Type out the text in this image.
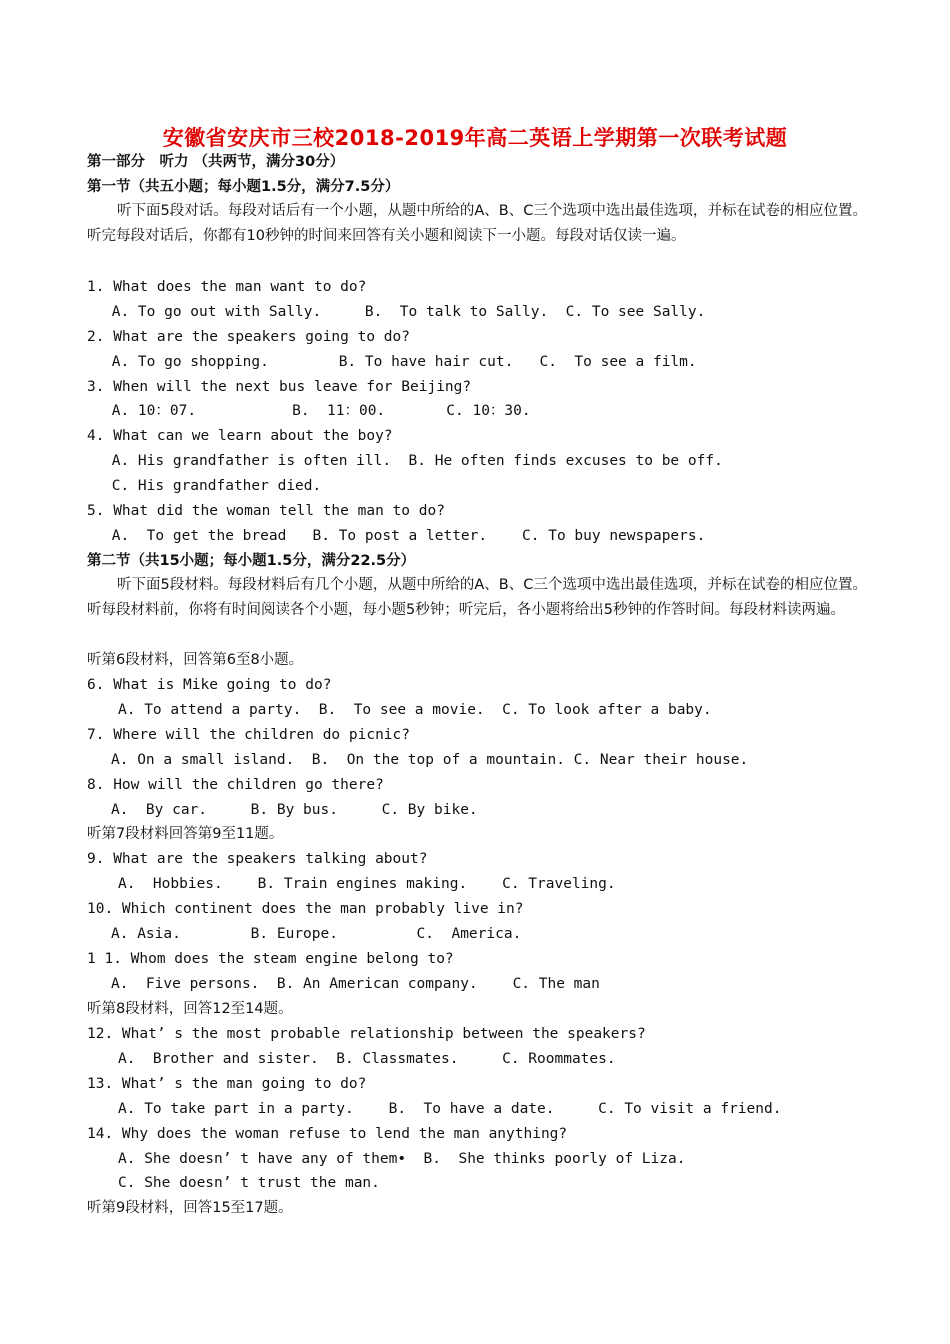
安徽省安庆市三校2018-2019年高二英语上学期第一次联考试题
第一部分　听力 （共两节，满分30分）
第一节（共五小题；每小题1.5分，满分7.5分）
听下面5段对话。每段对话后有一个小题，从题中所给的A、B、C三个选项中选出最佳选项，并标在试卷的相应位置。听完每段对话后，你都有10秒钟的时间来回答有关小题和阅读下一小题。每段对话仅读一遍。
1. What does the man want to do?
A. To go out with Sally.     B.  To talk to Sally.  C. To see Sally.
2. What are the speakers going to do?
A. To go shopping.        B. To have hair cut.   C.  To see a film.
3. When will the next bus leave for Beijing?
A. 10：07.           B.  11：00.       C. 10：30.
4. What can we learn about the boy?
A. His grandfather is often ill.  B. He often finds excuses to be off.
C. His grandfather died.
5. What did the woman tell the man to do?
A.  To get the bread   B. To post a letter.    C. To buy newspapers.
第二节（共15小题；每小题1.5分，满分22.5分）
听下面5段材料。每段材料后有几个小题，从题中所给的A、B、C三个选项中选出最佳选项，并标在试卷的相应位置。听每段材料前，你将有时间阅读各个小题，每小题5秒钟；听完后，各小题将给出5秒钟的作答时间。每段材料读两遍。
听第6段材料，回答第6至8小题。
6. What is Mike going to do?
A. To attend a party.  B.  To see a movie.  C. To look after a baby.
7. Where will the children do picnic?
A. On a small island.  B.  On the top of a mountain. C. Near their house.
8. How will the children go there?
A.  By car.     B. By bus.     C. By bike.
听第7段材料回答第9至11题。
9. What are the speakers talking about?
A.  Hobbies.    B. Train engines making.    C. Traveling.
10. Which continent does the man probably live in?
A. Asia.        B. Europe.         C.  America.
1 1. Whom does the steam engine belong to?
A.  Five persons.  B. An American company.    C. The man
听第8段材料，回答12至14题。
12. What’ s the most probable relationship between the speakers?
A.  Brother and sister.  B. Classmates.     C. Roommates.
13. What’ s the man going to do?
A. To take part in a party.    B.  To have a date.     C. To visit a friend.
14. Why does the woman refuse to lend the man anything?
A. She doesn’ t have any of them•  B.  She thinks poorly of Liza.
C. She doesn’ t trust the man.
听第9段材料，回答15至17题。
